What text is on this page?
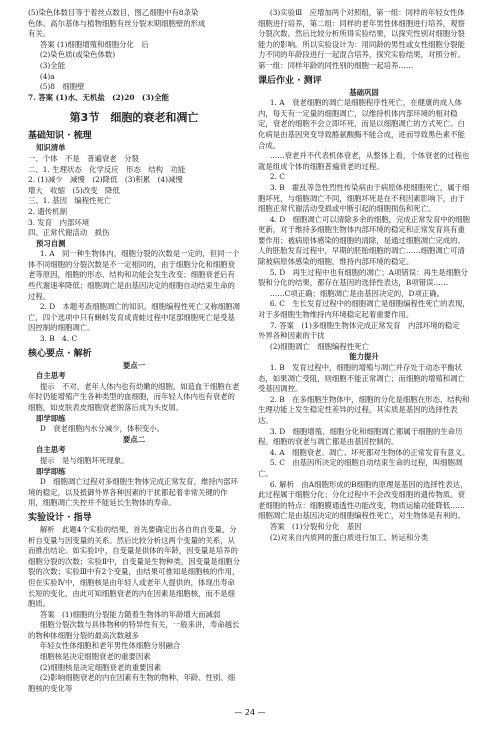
(5)染色体数目等于着丝点数目，图乙细胞中有8条染

色体。高尔基体与植物细胞有丝分裂末期细胞壁的形成

有关。

答案 (1)细胞增殖和细胞分化　后

(2)染色质(或染色体数)

(3)全能

(4)a

(5)8　细胞壁

7. 答案 (1)水、无机盐　(2)20　(3)全能

第3节　细胞的衰老和凋亡
基础知识 · 梳理
知识清单

一、个体　不是　普遍衰老　分裂

二、1. 生理状态　化学反应　形态　结构　功能

2. (1)减少　减慢　(2)降低　(3)积累　(4)减慢

增大　收缩　(5)改变　降低

三、1. 基因　编程性死亡

2. 遗传机制

3. 发育　内部环境

四、正常代谢活动　损伤

预习自测

1. A　同一种生物体内，细胞分裂的次数是一定的，但同一个体不同细胞的分裂次数是不一定相同的，由于细胞分化和细胞衰老等原因，细胞的形态、结构和功能会发生改变；细胞衰老后有些代谢速率降低；细胞凋亡是由基因决定的细胞自动结束生命的过程。

2. D　本题考查细胞凋亡的知识。细胞编程性死亡又称细胞凋亡，四个选项中只有蝌蚪发育成青蛙过程中尾部细胞死亡是受基因控制的细胞凋亡。

3. B　4. C

核心要点 · 解析
要点一
自主思考

提示　不对。老年人体内也有幼嫩的细胞，如造血干细胞在老年时仍能增殖产生各种类型的血细胞，而年轻人体内也有衰老的细胞，如皮肤表皮细胞衰老脱落后成为头皮屑。

即学即练

D　衰老细胞内水分减少，体积变小。

要点二
自主思考

提示　是与细胞坏死现象。

即学即练

D　细胞凋亡过程对多细胞生物体完成正常发育，维持内部环境的稳定，以及抵御外界各种因素的干扰都起着非常关键的作用，细胞凋亡失控并不能延长生物体的寿命。

实验设计 · 指导

解析　此题4个实验的结果，首先要确定出各自的自变量，分析自变量与因变量的关系。然后比较分析这两个变量的关系，从而推出结论。如实验Ⅰ中，自变量是供体的年龄，因变量是培养的细胞分裂的次数；实验Ⅱ中，自变量是生物种类，因变量是细胞分裂的次数；实验Ⅲ中有2个变量，由结果可推知是细胞核的作用，但在实验Ⅳ中，细胞核是由年轻人或老年人提供的，体现出寿命长短的变化，由此可知细胞衰老的内在因素是细胞核，而不是细胞质。

答案　(1)细胞的分裂能力随着生物体的年龄增大而减弱

细胞分裂次数与具体物种的特异性有关，一般来讲，寿命越长的物种体细胞分裂的最高次数越多

年轻女性体细胞和老年男性体细胞分别融合

细胞核是决定细胞衰老的重要因素

(2)细胞核是决定细胞衰老的重要因素

(2)影响细胞衰老的内在因素有生物的物种、年龄、性别、细胞核的变化等

(3)实验Ⅲ　应增加两个对照组，第一组：同样的年轻女性体细胞进行培养，第二组：同样的老年男性体细胞进行培养，观察分裂次数。然后比较分析所得实验结果，以探究性别对细胞分裂能力的影响。所以实验设计为：用同龄的男性或女性细胞分裂能力不同的年龄段进行一起混合培养，探究实验结果，对照分析。第一组：同样年龄的同性别的细胞一起培养……

课后作业 · 测评
基础巩固

1. A　衰老细胞的凋亡是细胞程序性死亡，在健康的成人体内，每天有一定量的细胞凋亡，以维持机体内部环境的相对稳定，衰老的细胞不会立即坏死，而是以细胞凋亡的方式死亡。白化病是由基因突变导致酪氨酸酶不能合成，进而导致黑色素不能合成。

……衰老并不代表机体衰老，从整体上看，个体衰老的过程也就是组成个体的细胞普遍衰老的过程。

2. C

3. B　霍乱等急性烈性传染病由于病原体使细胞死亡，属于细胞坏死，与细胞凋亡不同，细胞坏死是在不利因素影响下，由于细胞正常代谢活动受损或中断引起的细胞损伤和死亡。

4. D　细胞凋亡可以清除多余的细胞，完成正常发育中的细胞更新，对于维持多细胞生物体内部环境的稳定和正常发育具有重要作用；被病原体感染的细胞的清除，是通过细胞凋亡完成的。人的胚胎发育过程中，早期的胚胎细胞的凋亡……细胞凋亡可清除被病原体感染的细胞，维持内部环境的稳定。

5. D　再生过程中也有细胞的凋亡；A项错误：再生是细胞分裂和分化的结果，都存在基因的选择性表达，B项错误……

……C项正确；细胞凋亡是由基因决定的，D项正确。

6. C　生长发育过程中的细胞凋亡是细胞编程性死亡的表现，对于多细胞生物维持内环境稳定起着重要作用。

7. 答案　(1)多细胞生物体完成正常发育　内部环境的稳定　外界各种因素的干扰

(2)细胞凋亡　细胞编程性死亡

能力提升

1. B　发育过程中，细胞的增殖与凋亡并存处于动态平衡状态，如果凋亡受阻，则细胞不能正常凋亡；而细胞的增殖和凋亡受基因调控。

2. B　在多细胞生物体中，细胞的分化是细胞在形态、结构和生理功能上发生稳定性差异的过程，其实质是基因的选择性表达。

3. D　细胞增殖、细胞分化和细胞凋亡都属于细胞的生命历程。细胞的衰老与凋亡都是由基因控制的。

4. A　细胞衰老、凋亡、坏死都对生物体的正常发育有意义。

5. C　由基因所决定的细胞自动结束生命的过程，叫细胞凋亡。

6. 解析　由A细胞形成的B细胞的原理是基因的选择性表达，此过程属于细胞分化；分化过程中不会改变细胞的遗传物质。衰老细胞的特点：细胞膜通透性功能改变，物质运输功能降低……细胞凋亡是由基因决定的细胞编程性死亡，对生物体是有利的。

答案　(1)分裂和分化　基因

(2)对来自内质网的蛋白质进行加工、转运和分类

— 24 —
